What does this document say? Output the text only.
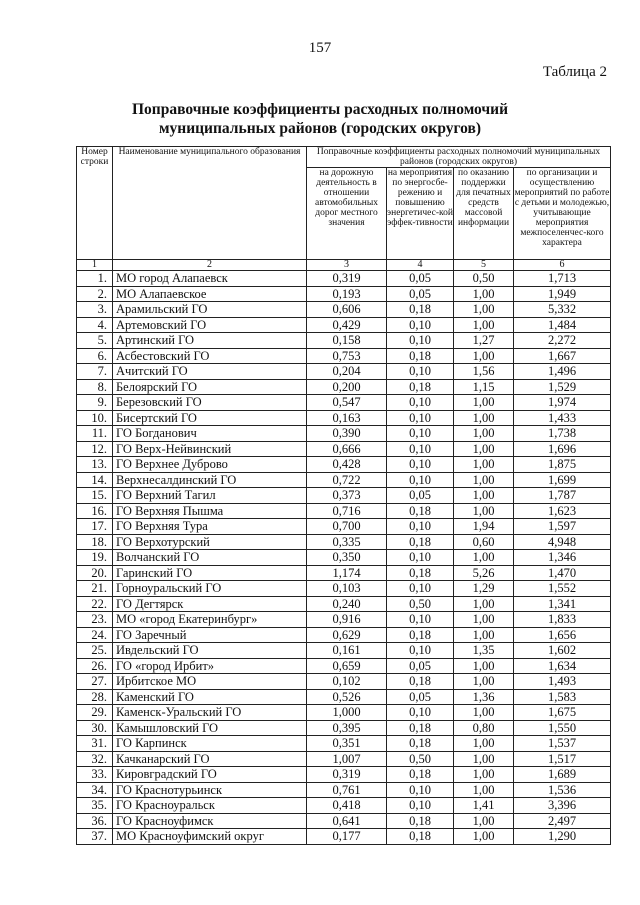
157
Таблица 2
Поправочные коэффициенты расходных полномочий
муниципальных районов (городских округов)
Номер строки	Наименование муниципального образования	Поправочные коэффициенты расходных полномочий муниципальных районов (городских округов)			
		на дорожную деятельность в отношении автомобильных дорог местного значения	на мероприятия по энергосбе-режению и повышению энергетичес-кой эффек-тивности	по оказанию поддержки для печатных средств массовой информации	по организации и осуществлению мероприятий по работе с детьми и молодежью, учитывающие мероприятия межпоселенчес-кого характера
1	2	3	4	5	6
1.	МО город Алапаевск	0,319	0,05	0,50	1,713
2.	МО Алапаевское	0,193	0,05	1,00	1,949
3.	Арамильский ГО	0,606	0,18	1,00	5,332
4.	Артемовский ГО	0,429	0,10	1,00	1,484
5.	Артинский ГО	0,158	0,10	1,27	2,272
6.	Асбестовский ГО	0,753	0,18	1,00	1,667
7.	Ачитский ГО	0,204	0,10	1,56	1,496
8.	Белоярский ГО	0,200	0,18	1,15	1,529
9.	Березовский ГО	0,547	0,10	1,00	1,974
10.	Бисертский ГО	0,163	0,10	1,00	1,433
11.	ГО Богданович	0,390	0,10	1,00	1,738
12.	ГО Верх-Нейвинский	0,666	0,10	1,00	1,696
13.	ГО Верхнее Дуброво	0,428	0,10	1,00	1,875
14.	Верхнесалдинский ГО	0,722	0,10	1,00	1,699
15.	ГО Верхний Тагил	0,373	0,05	1,00	1,787
16.	ГО Верхняя Пышма	0,716	0,18	1,00	1,623
17.	ГО Верхняя Тура	0,700	0,10	1,94	1,597
18.	ГО Верхотурский	0,335	0,18	0,60	4,948
19.	Волчанский ГО	0,350	0,10	1,00	1,346
20.	Гаринский ГО	1,174	0,18	5,26	1,470
21.	Горноуральский ГО	0,103	0,10	1,29	1,552
22.	ГО Дегтярск	0,240	0,50	1,00	1,341
23.	МО «город Екатеринбург»	0,916	0,10	1,00	1,833
24.	ГО Заречный	0,629	0,18	1,00	1,656
25.	Ивдельский ГО	0,161	0,10	1,35	1,602
26.	ГО «город Ирбит»	0,659	0,05	1,00	1,634
27.	Ирбитское МО	0,102	0,18	1,00	1,493
28.	Каменский ГО	0,526	0,05	1,36	1,583
29.	Каменск-Уральский ГО	1,000	0,10	1,00	1,675
30.	Камышловский ГО	0,395	0,18	0,80	1,550
31.	ГО Карпинск	0,351	0,18	1,00	1,537
32.	Качканарский ГО	1,007	0,50	1,00	1,517
33.	Кировградский ГО	0,319	0,18	1,00	1,689
34.	ГО Краснотурьинск	0,761	0,10	1,00	1,536
35.	ГО Красноуральск	0,418	0,10	1,41	3,396
36.	ГО Красноуфимск	0,641	0,18	1,00	2,497
37.	МО Красноуфимский округ	0,177	0,18	1,00	1,290
